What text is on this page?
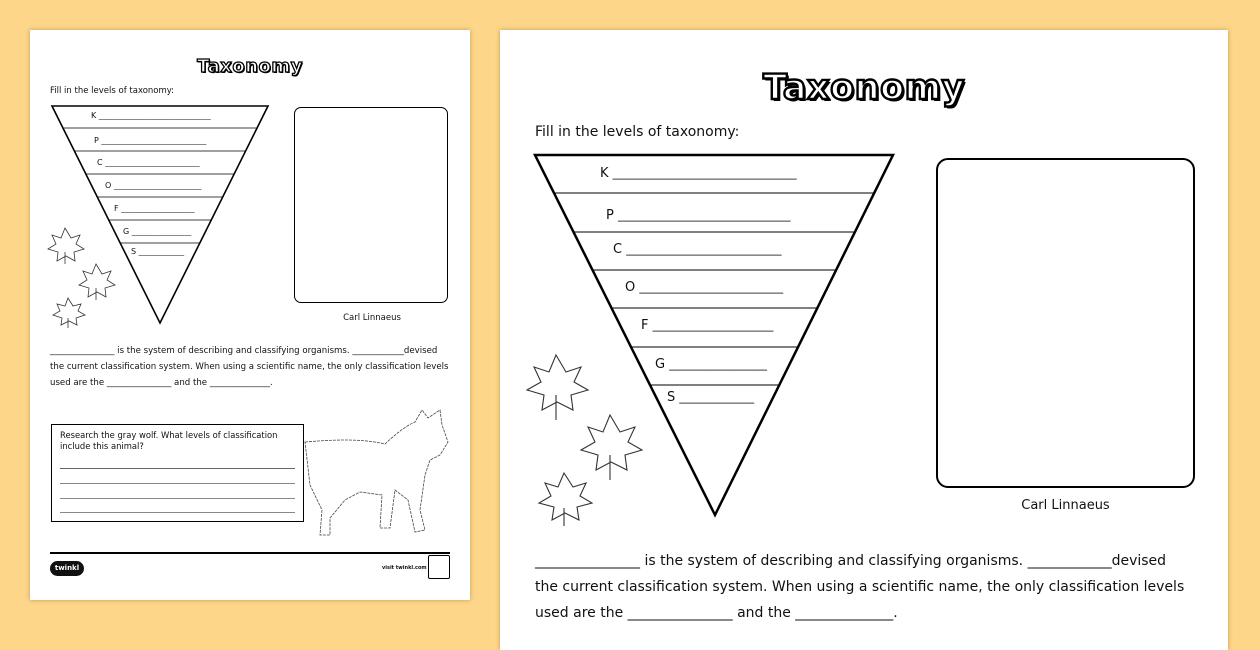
Taxonomy
Fill in the levels of taxonomy:
K ________________________________
P ______________________________
C ___________________________
O _________________________
F _____________________
G _________________
S _____________
Carl Linnaeus
_______________ is the system of describing and classifying organisms. ____________devised
the current classification system. When using a scientific name, the only classification levels
used are the _______________ and the ______________.
Research the gray wolf. What levels of classification include this animal?
twinkl	visit twinkl.com
Taxonomy
Fill in the levels of taxonomy:
K ________________________________
P ______________________________
C ___________________________
O _________________________
F _____________________
G _________________
S _____________
Carl Linnaeus
_______________ is the system of describing and classifying organisms. ____________devised
the current classification system. When using a scientific name, the only classification levels
used are the _______________ and the ______________.
